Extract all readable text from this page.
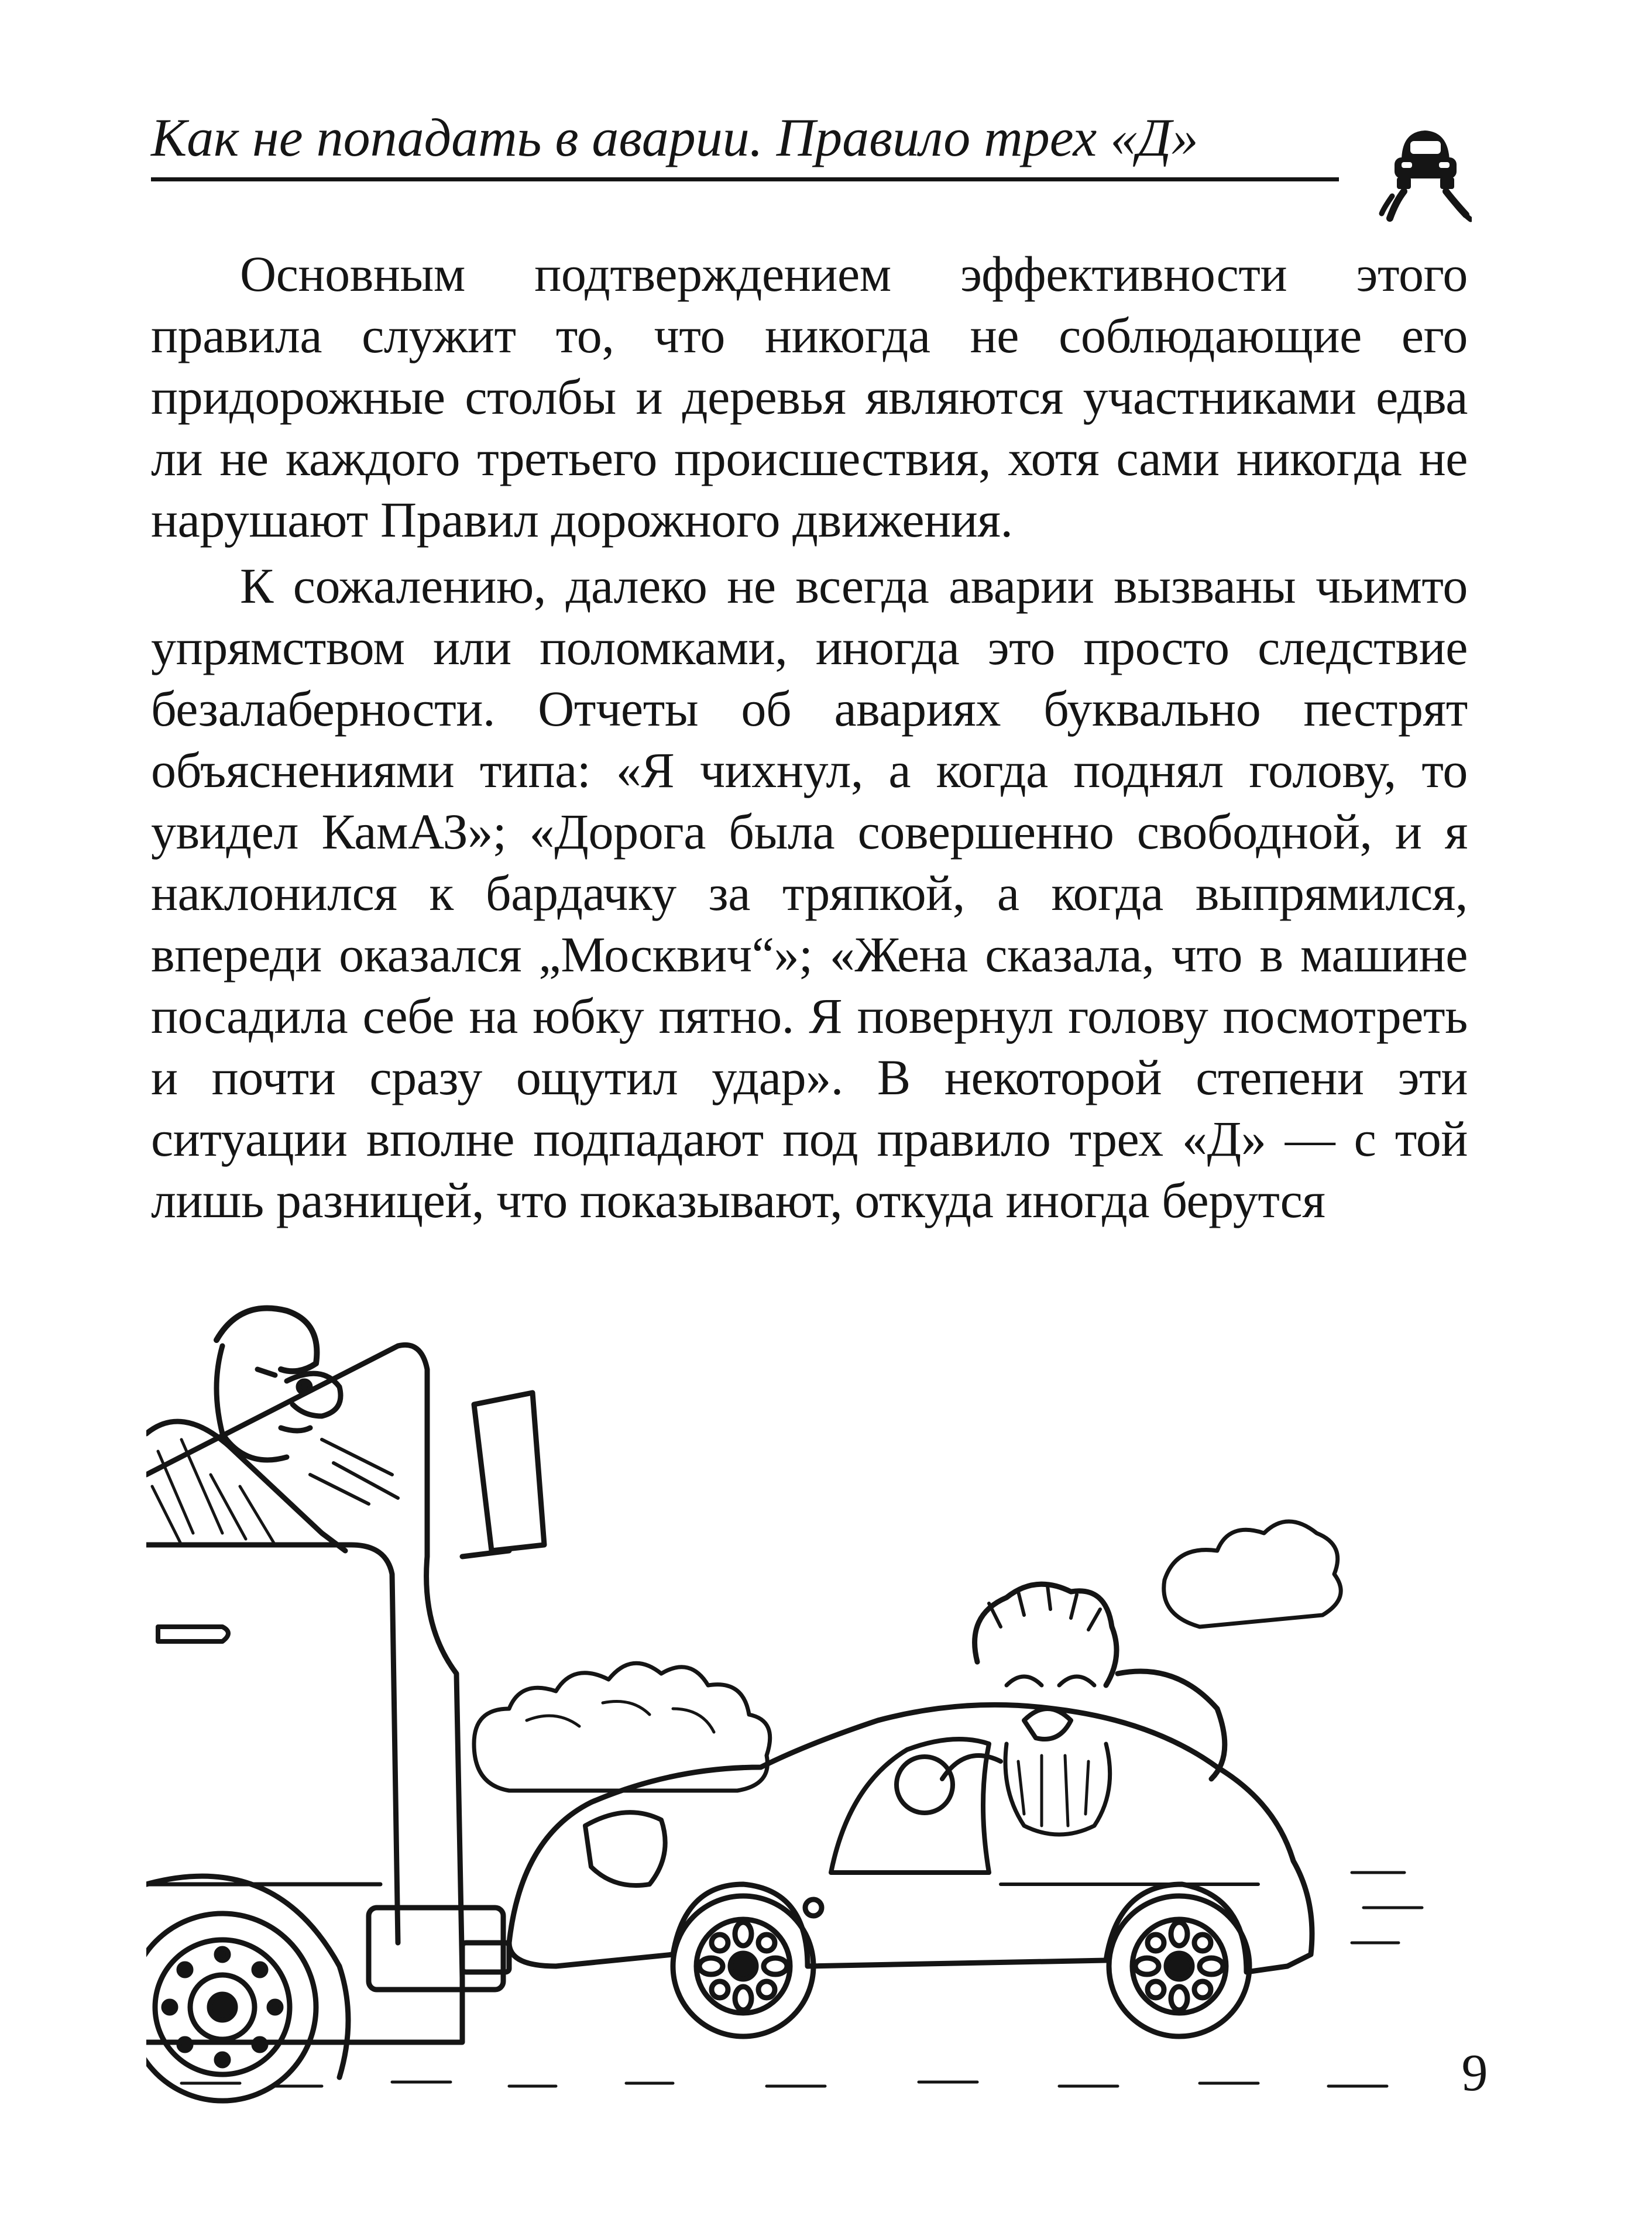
Как не попадать в аварии. Правило трех «Д»

Основным подтверждением эффективности этого правила служит то, что никогда не соблюдающие его придорожные столбы и деревья являются участниками едва ли не каждого третьего происшествия, хотя сами никогда не нарушают Правил дорожного движения.

К сожалению, далеко не всегда аварии вызваны чьимто упрямством или поломками, иногда это просто следствие безалаберности. Отчеты об авариях буквально пестрят объяснениями типа: «Я чихнул, а когда поднял голову, то увидел КамАЗ»; «Дорога была совершенно свободной, и я наклонился к бардачку за тряпкой, а когда выпрямился, впереди оказался „Москвич“»; «Жена сказала, что в машине посадила себе на юбку пятно. Я повернул голову посмотреть и почти сразу ощутил удар». В некоторой степени эти ситуации вполне подпадают под правило трех «Д» — с той лишь разницей, что показывают, откуда иногда берутся

9
